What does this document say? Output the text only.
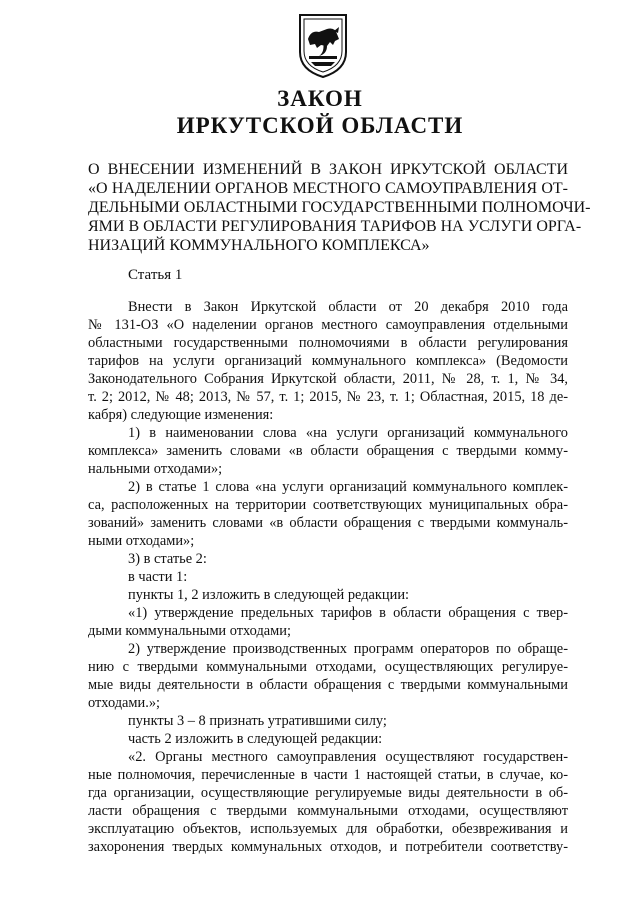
ЗАКОН
ИРКУТСКОЙ ОБЛАСТИ
О ВНЕСЕНИИ ИЗМЕНЕНИЙ В ЗАКОН ИРКУТСКОЙ ОБЛАСТИ
«О НАДЕЛЕНИИ ОРГАНОВ МЕСТНОГО САМОУПРАВЛЕНИЯ ОТ-
ДЕЛЬНЫМИ ОБЛАСТНЫМИ ГОСУДАРСТВЕННЫМИ ПОЛНОМОЧИ-
ЯМИ В ОБЛАСТИ РЕГУЛИРОВАНИЯ ТАРИФОВ НА УСЛУГИ ОРГА-
НИЗАЦИЙ КОММУНАЛЬНОГО КОМПЛЕКСА»
Статья 1
Внести в Закон Иркутской области от 20 декабря 2010 года
№ 131-ОЗ «О наделении органов местного самоуправления отдельными
областными государственными полномочиями в области регулирования
тарифов на услуги организаций коммунального комплекса» (Ведомости
Законодательного Собрания Иркутской области, 2011, № 28, т. 1, № 34,
т. 2; 2012, № 48; 2013, № 57, т. 1; 2015, № 23, т. 1; Областная, 2015, 18 де-
кабря) следующие изменения:
1) в наименовании слова «на услуги организаций коммунального
комплекса» заменить словами «в области обращения с твердыми комму-
нальными отходами»;
2) в статье 1 слова «на услуги организаций коммунального комплек-
са, расположенных на территории соответствующих муниципальных обра-
зований» заменить словами «в области обращения с твердыми коммуналь-
ными отходами»;
3) в статье 2:
в части 1:
пункты 1, 2 изложить в следующей редакции:
«1) утверждение предельных тарифов в области обращения с твер-
дыми коммунальными отходами;
2) утверждение производственных программ операторов по обраще-
нию с твердыми коммунальными отходами, осуществляющих регулируе-
мые виды деятельности в области обращения с твердыми коммунальными
отходами.»;
пункты 3 – 8 признать утратившими силу;
часть 2 изложить в следующей редакции:
«2. Органы местного самоуправления осуществляют государствен-
ные полномочия, перечисленные в части 1 настоящей статьи, в случае, ко-
гда организации, осуществляющие регулируемые виды деятельности в об-
ласти обращения с твердыми коммунальными отходами, осуществляют
эксплуатацию объектов, используемых для обработки, обезвреживания и
захоронения твердых коммунальных отходов, и потребители соответству-
